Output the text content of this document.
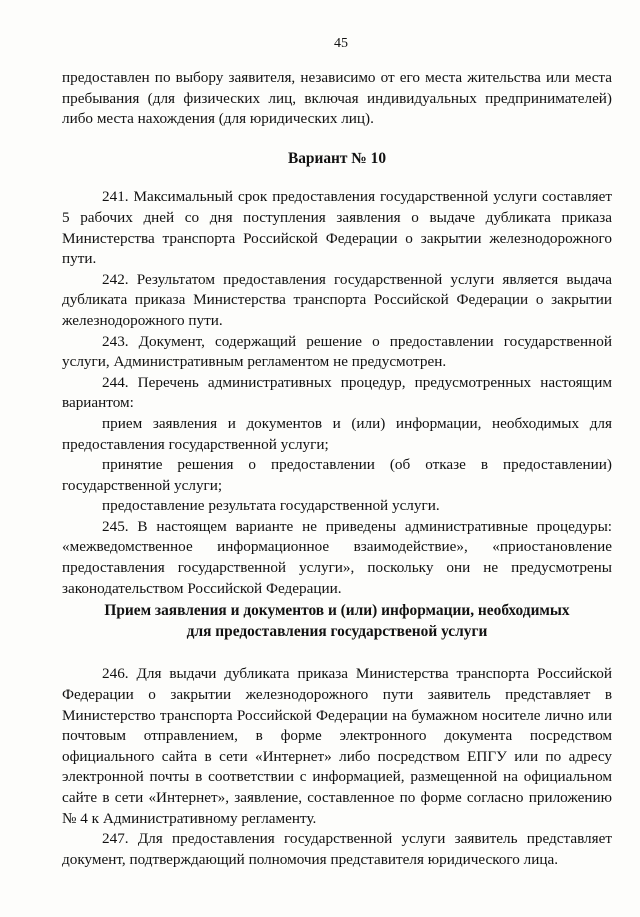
45

предоставлен по выбору заявителя, независимо от его места жительства или места пребывания (для физических лиц, включая индивидуальных предпринимателей) либо места нахождения (для юридических лиц).

Вариант № 10

241. Максимальный срок предоставления государственной услуги составляет 5 рабочих дней со дня поступления заявления о выдаче дубликата приказа Министерства транспорта Российской Федерации о закрытии железнодорожного пути.

242. Результатом предоставления государственной услуги является выдача дубликата приказа Министерства транспорта Российской Федерации о закрытии железнодорожного пути.

243. Документ, содержащий решение о предоставлении государственной услуги, Административным регламентом не предусмотрен.

244. Перечень административных процедур, предусмотренных настоящим вариантом:

прием заявления и документов и (или) информации, необходимых для предоставления государственной услуги;

принятие решения о предоставлении (об отказе в предоставлении) государственной услуги;

предоставление результата государственной услуги.

245. В настоящем варианте не приведены административные процедуры: «межведомственное информационное взаимодействие», «приостановление предоставления государственной услуги», поскольку они не предусмотрены законодательством Российской Федерации.

Прием заявления и документов и (или) информации, необходимых
для предоставления государственой услуги

246. Для выдачи дубликата приказа Министерства транспорта Российской Федерации о закрытии железнодорожного пути заявитель представляет в Министерство транспорта Российской Федерации на бумажном носителе лично или почтовым отправлением, в форме электронного документа посредством официального сайта в сети «Интернет» либо посредством ЕПГУ или по адресу электронной почты в соответствии с информацией, размещенной на официальном сайте в сети «Интернет», заявление, составленное по форме согласно приложению № 4 к Административному регламенту.

247. Для предоставления государственной услуги заявитель представляет документ, подтверждающий полномочия представителя юридического лица.
